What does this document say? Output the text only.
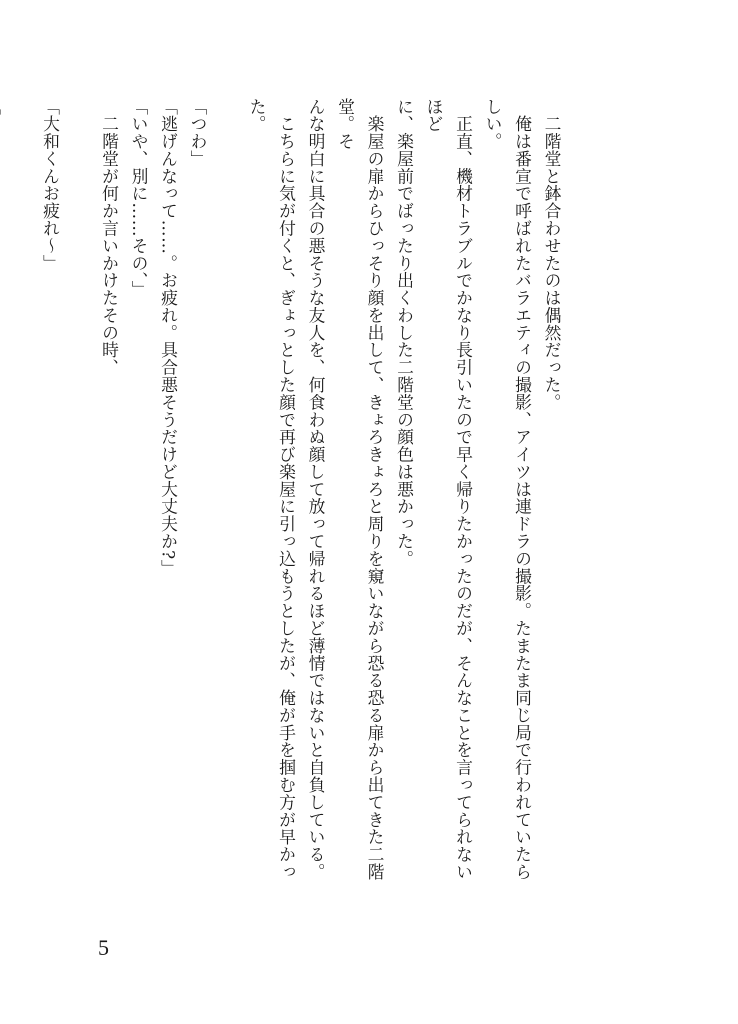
　二階堂と鉢合わせたのは偶然だった。

　俺は番宣で呼ばれたバラエティの撮影、アイツは連ドラの撮影。たまたま同じ局で行われていたらしい。

　正直、機材トラブルでかなり長引いたので早く帰りたかったのだが、そんなことを言ってられないほど

に、楽屋前でばったり出くわした二階堂の顔色は悪かった。

　楽屋の扉からひっそり顔を出して、きょろきょろと周りを窺いながら恐る恐る扉から出てきた二階堂。そ

んな明白に具合の悪そうな友人を、何食わぬ顔して放って帰れるほど薄情ではないと自負している。

　こちらに気が付くと、ぎょっとした顔で再び楽屋に引っ込もうとしたが、俺が手を掴む方が早かった。

「つわ」

「逃げんなって……。お疲れ。具合悪そうだけど大丈夫か?」

「いや、別に……その、」

　二階堂が何か言いかけたその時、

「大和くんお疲れ〜」

5
